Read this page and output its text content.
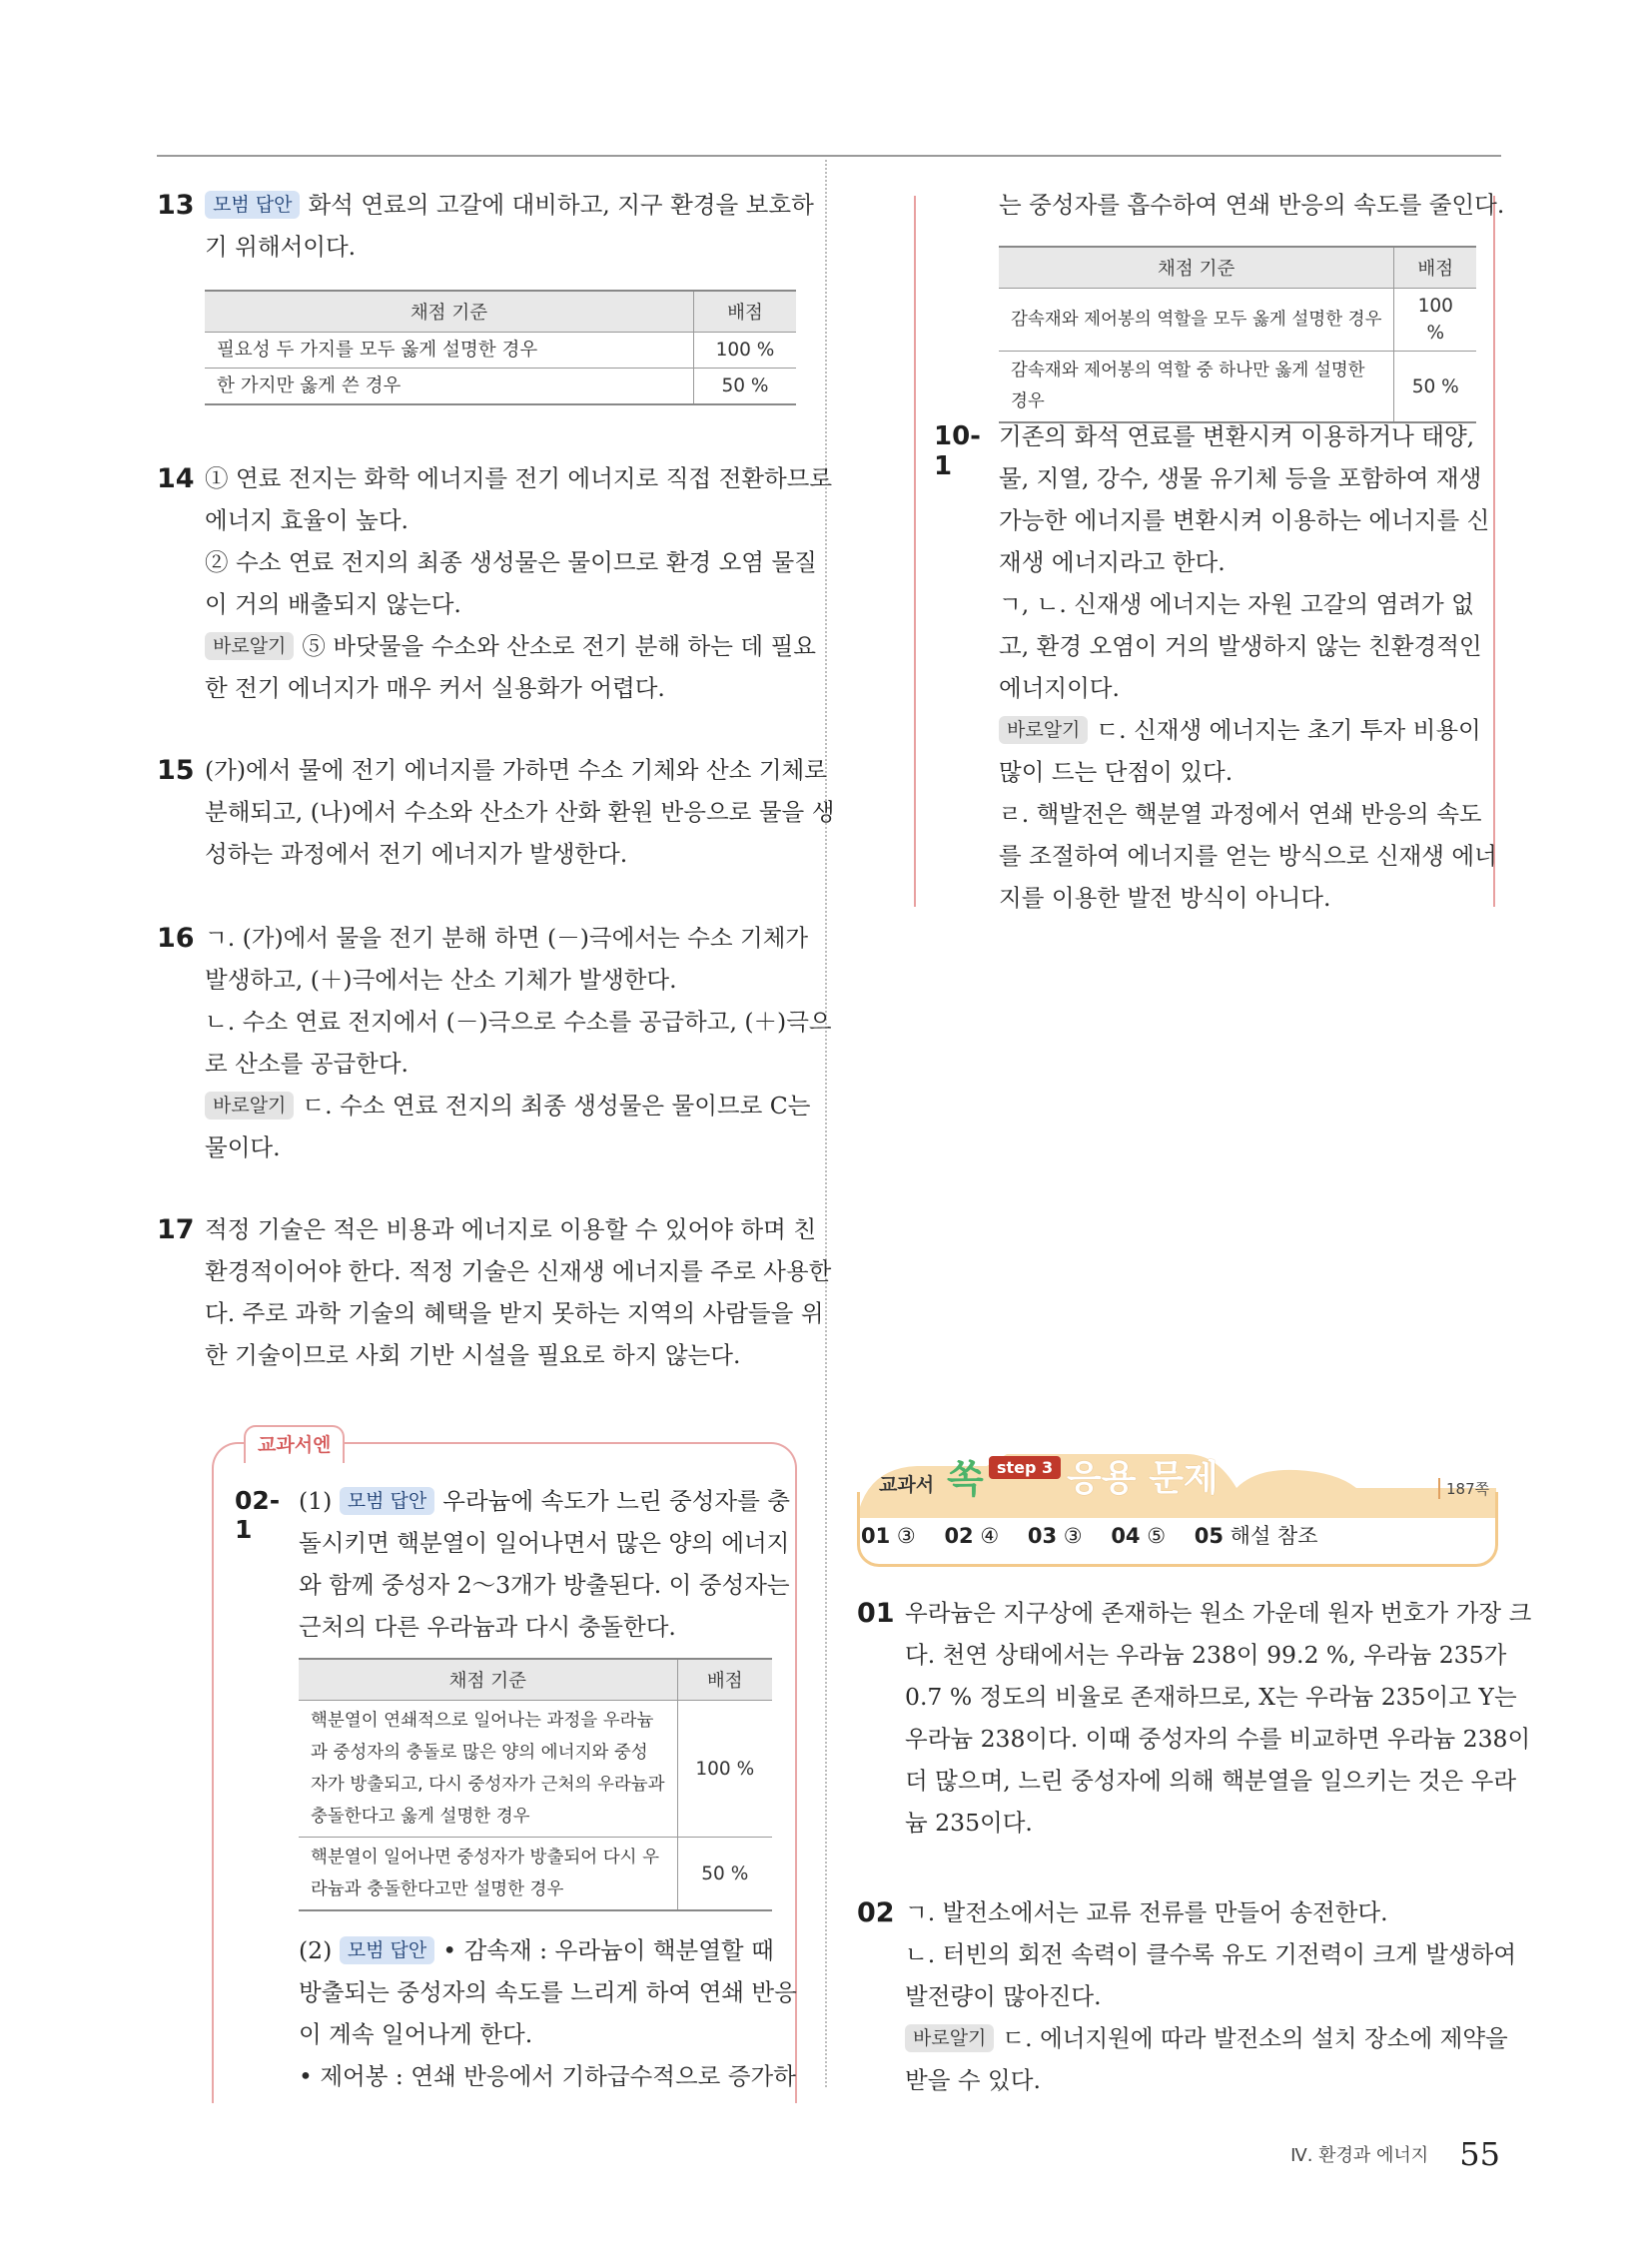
13 모범 답안 화석 연료의 고갈에 대비하고, 지구 환경을 보호하
기 위해서이다.
채점 기준	배점
필요성 두 가지를 모두 옳게 설명한 경우	100 %
한 가지만 옳게 쓴 경우	50 %
14 ① 연료 전지는 화학 에너지를 전기 에너지로 직접 전환하므로
에너지 효율이 높다.
② 수소 연료 전지의 최종 생성물은 물이므로 환경 오염 물질
이 거의 배출되지 않는다.
바로알기 ⑤ 바닷물을 수소와 산소로 전기 분해 하는 데 필요
한 전기 에너지가 매우 커서 실용화가 어렵다.
15 (가)에서 물에 전기 에너지를 가하면 수소 기체와 산소 기체로
분해되고, (나)에서 수소와 산소가 산화 환원 반응으로 물을 생
성하는 과정에서 전기 에너지가 발생한다.
16 ㄱ. (가)에서 물을 전기 분해 하면 (－)극에서는 수소 기체가
발생하고, (＋)극에서는 산소 기체가 발생한다.
ㄴ. 수소 연료 전지에서 (－)극으로 수소를 공급하고, (＋)극으
로 산소를 공급한다.
바로알기 ㄷ. 수소 연료 전지의 최종 생성물은 물이므로 C는
물이다.
17 적정 기술은 적은 비용과 에너지로 이용할 수 있어야 하며 친
환경적이어야 한다. 적정 기술은 신재생 에너지를 주로 사용한
다. 주로 과학 기술의 혜택을 받지 못하는 지역의 사람들을 위
한 기술이므로 사회 기반 시설을 필요로 하지 않는다.
교과서엔
02-1
(1) 모범 답안 우라늄에 속도가 느린 중성자를 충
돌시키면 핵분열이 일어나면서 많은 양의 에너지
와 함께 중성자 2～3개가 방출된다. 이 중성자는
근처의 다른 우라늄과 다시 충돌한다.
채점 기준	배점

핵분열이 연쇄적으로 일어나는 과정을 우라늄
과 중성자의 충돌로 많은 양의 에너지와 중성
자가 방출되고, 다시 중성자가 근처의 우라늄과
충돌한다고 옳게 설명한 경우	100 %

핵분열이 일어나면 중성자가 방출되어 다시 우
라늄과 충돌한다고만 설명한 경우	50 %
(2) 모범 답안 • 감속재 : 우라늄이 핵분열할 때
방출되는 중성자의 속도를 느리게 하여 연쇄 반응
이 계속 일어나게 한다.
• 제어봉 : 연쇄 반응에서 기하급수적으로 증가하
는 중성자를 흡수하여 연쇄 반응의 속도를 줄인다.
채점 기준	배점

감속재와 제어봉의 역할을 모두 옳게 설명한 경우	100 %

감속재와 제어봉의 역할 중 하나만 옳게 설명한
경우	50 %
10-1
기존의 화석 연료를 변환시켜 이용하거나 태양,
물, 지열, 강수, 생물 유기체 등을 포함하여 재생
가능한 에너지를 변환시켜 이용하는 에너지를 신
재생 에너지라고 한다.
ㄱ, ㄴ. 신재생 에너지는 자원 고갈의 염려가 없
고, 환경 오염이 거의 발생하지 않는 친환경적인
에너지이다.
바로알기 ㄷ. 신재생 에너지는 초기 투자 비용이
많이 드는 단점이 있다.
ㄹ. 핵발전은 핵분열 과정에서 연쇄 반응의 속도
를 조절하여 에너지를 얻는 방식으로 신재생 에너
지를 이용한 발전 방식이 아니다.
교과서 쏙 step 3 응용 문제	187쪽
01 ③ 02 ④ 03 ③ 04 ⑤ 05 해설 참조
01 우라늄은 지구상에 존재하는 원소 가운데 원자 번호가 가장 크
다. 천연 상태에서는 우라늄 238이 99.2 %, 우라늄 235가
0.7 % 정도의 비율로 존재하므로, X는 우라늄 235이고 Y는
우라늄 238이다. 이때 중성자의 수를 비교하면 우라늄 238이
더 많으며, 느린 중성자에 의해 핵분열을 일으키는 것은 우라
늄 235이다.
02 ㄱ. 발전소에서는 교류 전류를 만들어 송전한다.
ㄴ. 터빈의 회전 속력이 클수록 유도 기전력이 크게 발생하여
발전량이 많아진다.
바로알기 ㄷ. 에너지원에 따라 발전소의 설치 장소에 제약을
받을 수 있다.
Ⅳ. 환경과 에너지 55
